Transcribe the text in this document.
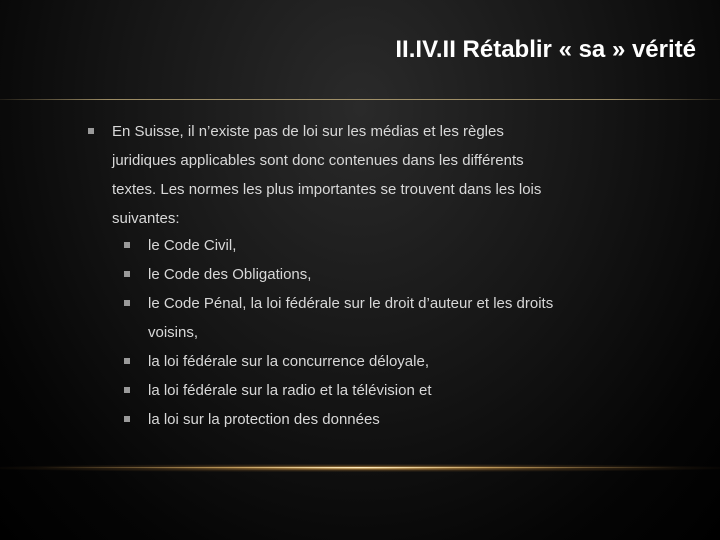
II.IV.II Rétablir « sa » vérité
En Suisse, il n’existe pas de loi sur les médias et les règles juridiques applicables sont donc contenues dans les différents textes. Les normes les plus importantes se trouvent dans les lois suivantes:
le Code Civil,
le Code des Obligations,
le Code Pénal, la loi fédérale sur le droit d’auteur et les droits voisins,
la loi fédérale sur la concurrence déloyale,
la loi fédérale sur la radio et la télévision et
la loi sur la protection des données
